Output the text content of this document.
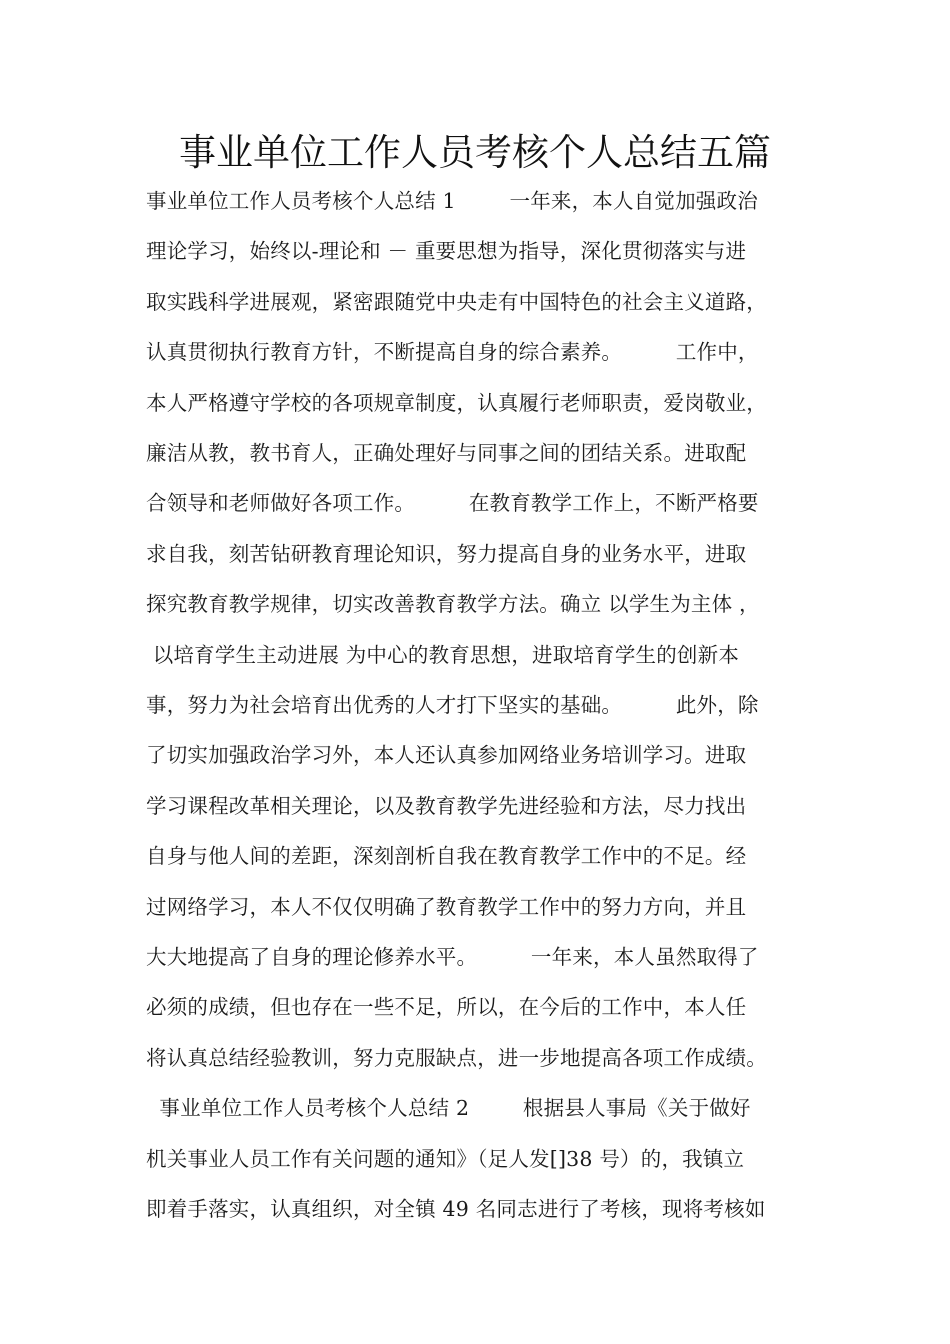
事业单位工作人员考核个人总结五篇
事业单位工作人员考核个人总结 1        一年来，本人自觉加强政治
理论学习，始终以-理论和 － 重要思想为指导，深化贯彻落实与进
取实践科学进展观，紧密跟随党中央走有中国特色的社会主义道路，
认真贯彻执行教育方针，不断提高自身的综合素养。        工作中，
本人严格遵守学校的各项规章制度，认真履行老师职责，爱岗敬业，
廉洁从教，教书育人，正确处理好与同事之间的团结关系。进取配
合领导和老师做好各项工作。        在教育教学工作上，不断严格要
求自我，刻苦钻研教育理论知识，努力提高自身的业务水平，进取
探究教育教学规律，切实改善教育教学方法。确立 以学生为主体 ，
以培育学生主动进展 为中心的教育思想，进取培育学生的创新本
事，努力为社会培育出优秀的人才打下坚实的基础。        此外，除
了切实加强政治学习外，本人还认真参加网络业务培训学习。进取
学习课程改革相关理论，以及教育教学先进经验和方法，尽力找出
自身与他人间的差距，深刻剖析自我在教育教学工作中的不足。经
过网络学习，本人不仅仅明确了教育教学工作中的努力方向，并且
大大地提高了自身的理论修养水平。        一年来，本人虽然取得了
必须的成绩，但也存在一些不足，所以，在今后的工作中，本人任
将认真总结经验教训，努力克服缺点，进一步地提高各项工作成绩。
事业单位工作人员考核个人总结 2        根据县人事局《关于做好
机关事业人员工作有关问题的通知》（足人发[]38 号）的，我镇立
即着手落实，认真组织，对全镇 49 名同志进行了考核，现将考核如
